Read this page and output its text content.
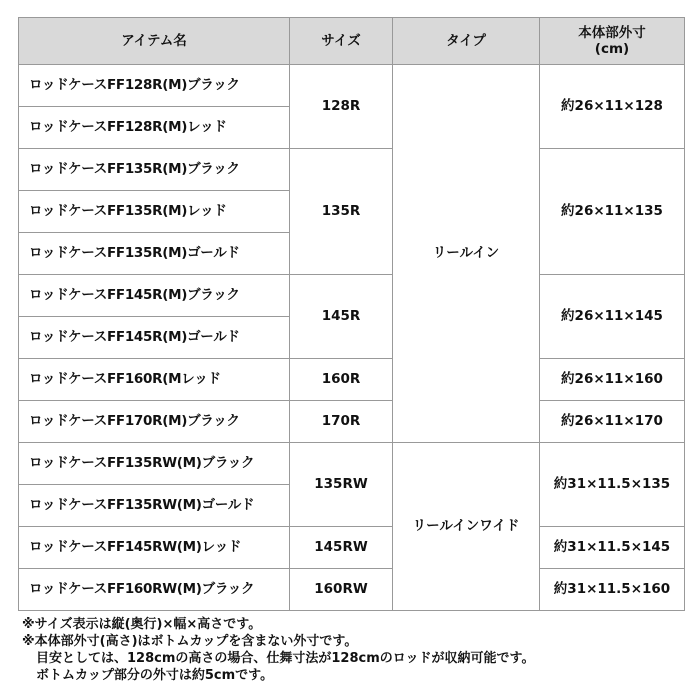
アイテム名	サイズ	タイプ	本体部外寸
(cm)

ロッドケースFF128R(M)ブラック	128R	リールイン	約26×11×128
ロッドケースFF128R(M)レッド			
ロッドケースFF135R(M)ブラック	135R		約26×11×135
ロッドケースFF135R(M)レッド			
ロッドケースFF135R(M)ゴールド			
ロッドケースFF145R(M)ブラック	145R		約26×11×145
ロッドケースFF145R(M)ゴールド			
ロッドケースFF160R(Mレッド	160R		約26×11×160
ロッドケースFF170R(M)ブラック	170R		約26×11×170
ロッドケースFF135RW(M)ブラック	135RW	リールインワイド	約31×11.5×135
ロッドケースFF135RW(M)ゴールド			
ロッドケースFF145RW(M)レッド	145RW		約31×11.5×145
ロッドケースFF160RW(M)ブラック	160RW		約31×11.5×160
※サイズ表示は縦(奥行)×幅×高さです。
※本体部外寸(高さ)はボトムカップを含まない外寸です。
目安としては、128cmの高さの場合、仕舞寸法が128cmのロッドが収納可能です。
ボトムカップ部分の外寸は約5cmです。
